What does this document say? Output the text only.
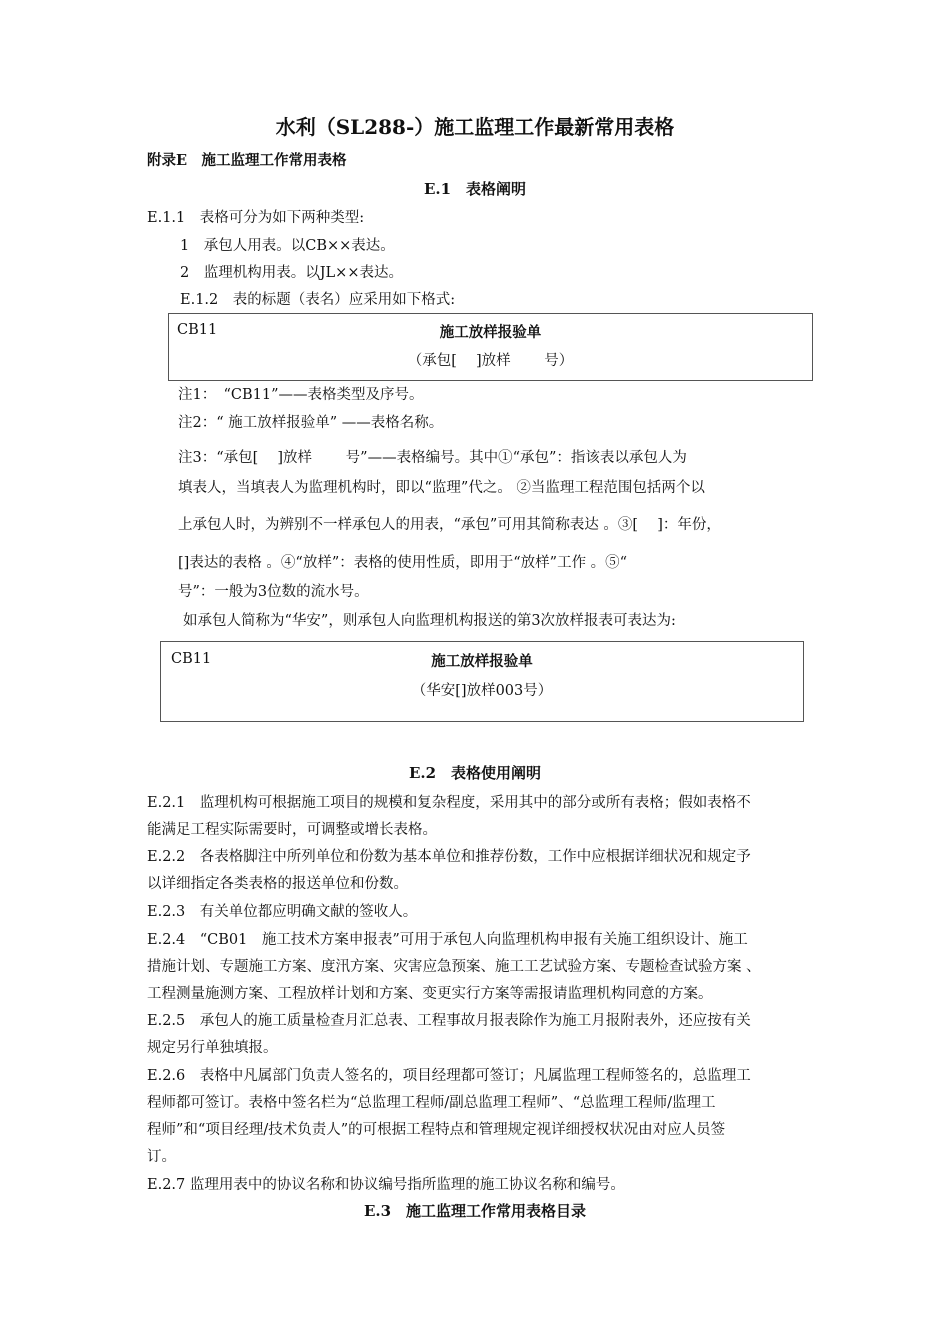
水利（SL288-）施工监理工作最新常用表格
附录E　施工监理工作常用表格
E.1　表格阐明
E.1.1　表格可分为如下两种类型:
1　承包人用表。以CB××表达。
2　监理机构用表。以JL××表达。
E.1.2　表的标题（表名）应采用如下格式:
CB11	施工放样报验单
（承包[　 ]放样　　 号）
注1：　“CB11”——表格类型及序号。
注2：“ 施工放样报验单” ——表格名称。
注3：“承包[　 ]放样　　 号”——表格编号。其中①“承包”：指该表以承包人为
填表人，当填表人为监理机构时，即以“监理”代之。 ②当监理工程范围包括两个以
上承包人时，为辨别不一样承包人的用表，“承包”可用其简称表达 。③[　 ]：年份，
[]表达的表格 。④“放样”：表格的使用性质，即用于“放样”工作 。⑤“
号”：一般为3位数的流水号。
如承包人简称为“华安”，则承包人向监理机构报送的第3次放样报表可表达为:
CB11	施工放样报验单
（华安[]放样003号）
E.2　表格使用阐明
E.2.1　监理机构可根据施工项目的规模和复杂程度，采用其中的部分或所有表格；假如表格不
能满足工程实际需要时，可调整或增长表格。
E.2.2　各表格脚注中所列单位和份数为基本单位和推荐份数，工作中应根据详细状况和规定予
以详细指定各类表格的报送单位和份数。
E.2.3　有关单位都应明确文献的签收人。
E.2.4　“CB01　施工技术方案申报表”可用于承包人向监理机构申报有关施工组织设计、施工
措施计划、专题施工方案、度汛方案、灾害应急预案、施工工艺试验方案、专题检查试验方案 、
工程测量施测方案、工程放样计划和方案、变更实行方案等需报请监理机构同意的方案。
E.2.5　承包人的施工质量检查月汇总表、工程事故月报表除作为施工月报附表外，还应按有关
规定另行单独填报。
E.2.6　表格中凡属部门负责人签名的，项目经理都可签订；凡属监理工程师签名的，总监理工
程师都可签订。表格中签名栏为“总监理工程师/副总监理工程师”、“总监理工程师/监理工
程师”和“项目经理/技术负责人”的可根据工程特点和管理规定视详细授权状况由对应人员签
订。
E.2.7 监理用表中的协议名称和协议编号指所监理的施工协议名称和编号。
E.3　施工监理工作常用表格目录
